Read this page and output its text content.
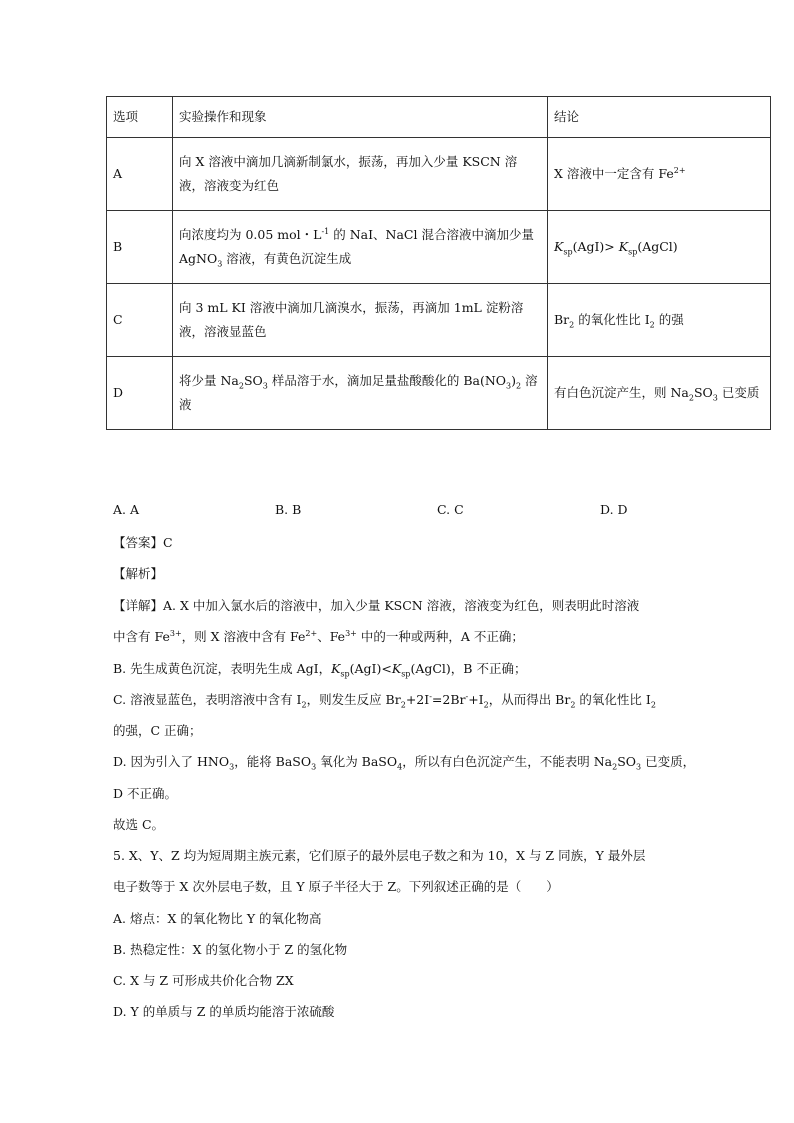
选项	实验操作和现象	结论
A	向 X 溶液中滴加几滴新制氯水，振荡，再加入少量 KSCN 溶液，溶液变为红色	X 溶液中一定含有 $Fe^{2+}$
B	向浓度均为 0.05 mol・$L^{-1}$ 的 NaI、NaCl 混合溶液中滴加少量 AgNO$_3$ 溶液，有黄色沉淀生成	$K_{sp}(AgI)>$ $K_{sp}(AgCl)$
C	向 3 mL KI 溶液中滴加几滴溴水，振荡，再滴加 1mL 淀粉溶液，溶液显蓝色	$Br_2$ 的氧化性比 $I_2$ 的强
D	将少量 $Na_2SO_3$ 样品溶于水，滴加足量盐酸酸化的 $Ba(NO_3)_2$ 溶液	有白色沉淀产生，则 $Na_2SO_3$ 已变质
A. A	B. B	C. C	D. D
【答案】C
【解析】
【详解】A. X 中加入氯水后的溶液中，加入少量 KSCN 溶液，溶液变为红色，则表明此时溶液
中含有 $Fe^{3+}$，则 X 溶液中含有 $Fe^{2+}$、$Fe^{3+}$ 中的一种或两种，A 不正确；
B. 先生成黄色沉淀，表明先生成 AgI，$K_{sp}(AgI)<K_{sp}(AgCl)$，B 不正确；
C. 溶液显蓝色，表明溶液中含有 $I_2$，则发生反应 $Br_2+2I^-=2Br^-+I_2$，从而得出 $Br_2$ 的氧化性比 $I_2$
的强，C 正确；
D. 因为引入了 $HNO_3$，能将 BaSO$_3$ 氧化为 BaSO$_4$，所以有白色沉淀产生，不能表明 $Na_2SO_3$ 已变质，
D 不正确。
故选 C。
5. X、Y、Z 均为短周期主族元素，它们原子的最外层电子数之和为 10，X 与 Z 同族，Y 最外层
电子数等于 X 次外层电子数，且 Y 原子半径大于 Z。下列叙述正确的是（　　）
A. 熔点：X 的氧化物比 Y 的氧化物高
B. 热稳定性：X 的氢化物小于 Z 的氢化物
C. X 与 Z 可形成共价化合物 ZX
D. Y 的单质与 Z 的单质均能溶于浓硫酸
